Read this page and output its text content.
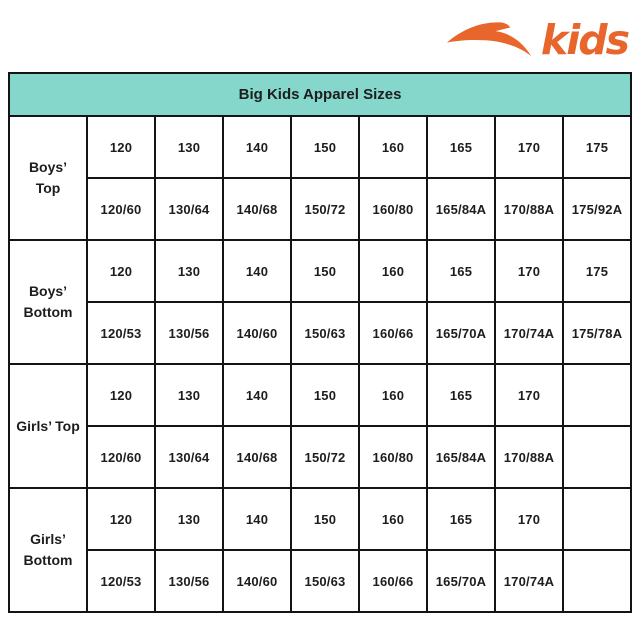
kids
Big Kids Apparel Sizes								
Boys’ Top	120	130	140	150	160	165	170	175
	120/60	130/64	140/68	150/72	160/80	165/84A	170/88A	175/92A
Boys’ Bottom	120	130	140	150	160	165	170	175
	120/53	130/56	140/60	150/63	160/66	165/70A	170/74A	175/78A
Girls’ Top	120	130	140	150	160	165	170	
	120/60	130/64	140/68	150/72	160/80	165/84A	170/88A	
Girls’ Bottom	120	130	140	150	160	165	170	
	120/53	130/56	140/60	150/63	160/66	165/70A	170/74A	
